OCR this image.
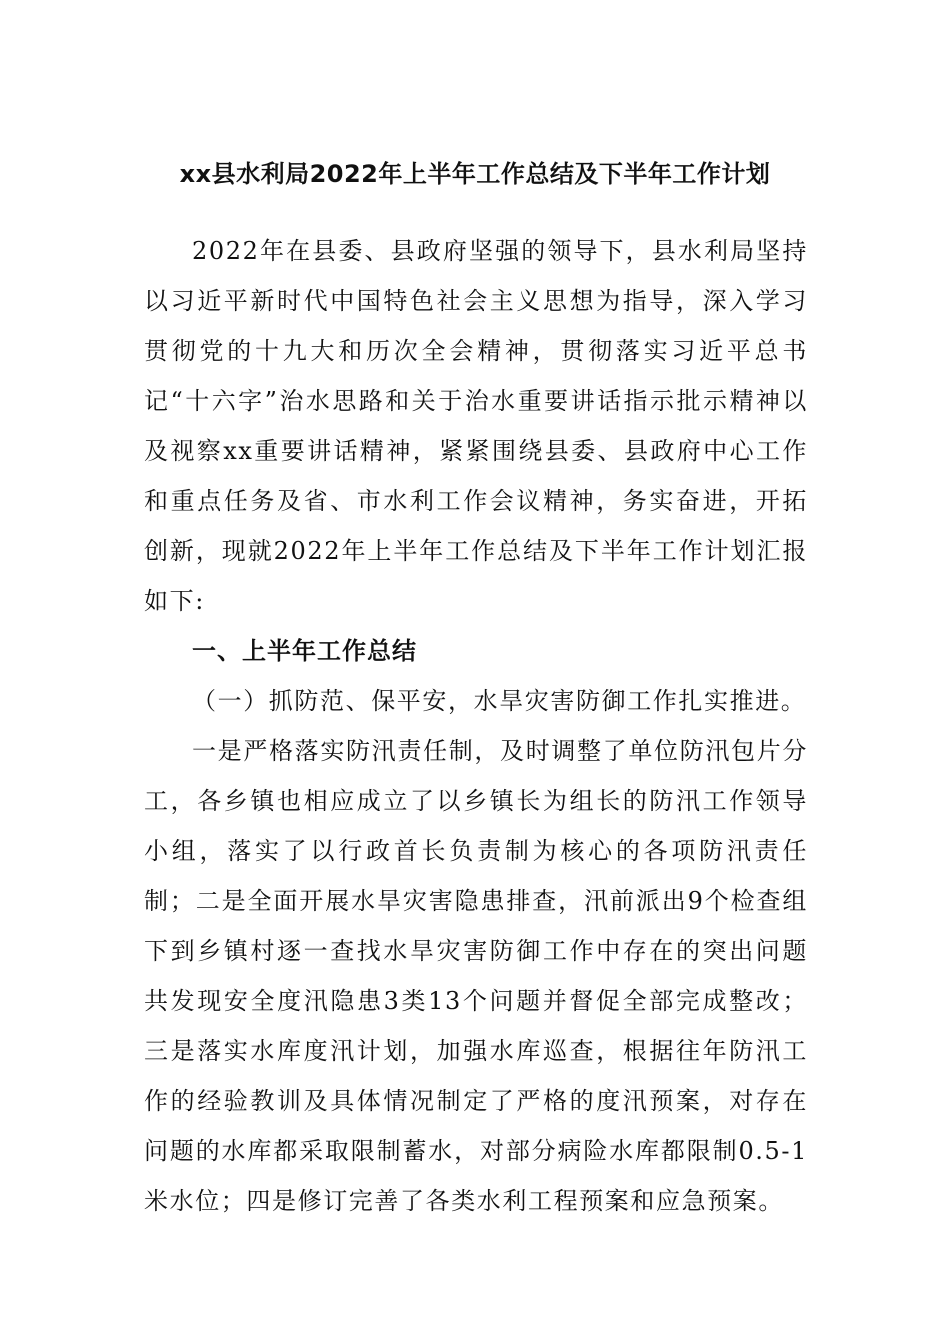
xx县水利局2022年上半年工作总结及下半年工作计划

2022年在县委、县政府坚强的领导下，县水利局坚持以习近平新时代中国特色社会主义思想为指导，深入学习贯彻党的十九大和历次全会精神，贯彻落实习近平总书记“十六字”治水思路和关于治水重要讲话指示批示精神以及视察xx重要讲话精神，紧紧围绕县委、县政府中心工作和重点任务及省、市水利工作会议精神，务实奋进，开拓创新，现就2022年上半年工作总结及下半年工作计划汇报如下:

一、上半年工作总结

（一）抓防范、保平安，水旱灾害防御工作扎实推进。

一是严格落实防汛责任制，及时调整了单位防汛包片分工，各乡镇也相应成立了以乡镇长为组长的防汛工作领导小组，落实了以行政首长负责制为核心的各项防汛责任制；二是全面开展水旱灾害隐患排查，汛前派出9个检查组下到乡镇村逐一查找水旱灾害防御工作中存在的突出问题共发现安全度汛隐患3类13个问题并督促全部完成整改；三是落实水库度汛计划，加强水库巡查，根据往年防汛工作的经验教训及具体情况制定了严格的度汛预案，对存在问题的水库都采取限制蓄水，对部分病险水库都限制0.5-1米水位；四是修订完善了各类水利工程预案和应急预案。
